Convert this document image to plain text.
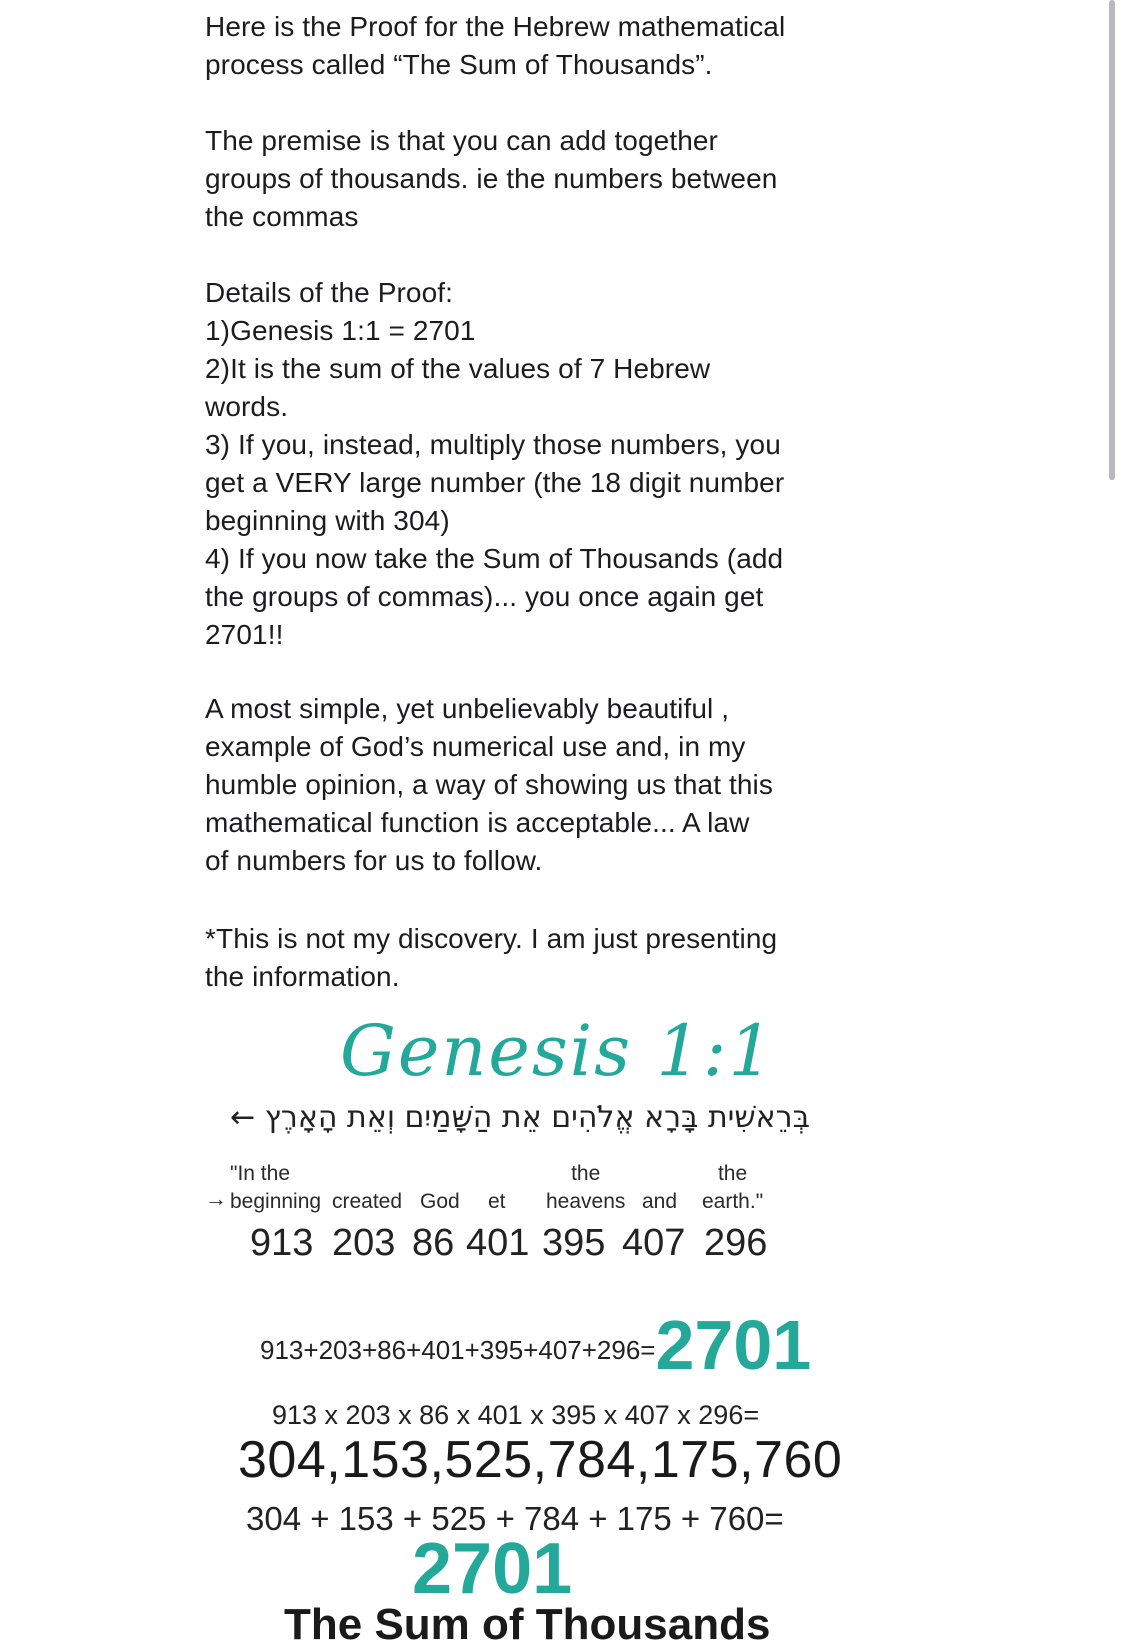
Here is the Proof for the Hebrew mathematical
process called “The Sum of Thousands”.

The premise is that you can add together
groups of thousands. ie the numbers between
the commas

Details of the Proof:
1)Genesis 1:1 = 2701
2)It is the sum of the values of 7 Hebrew
words.
3) If you, instead, multiply those numbers, you
get a VERY large number (the 18 digit number
beginning with 304)
4) If you now take the Sum of Thousands (add
the groups of commas)... you once again get
2701!!

A most simple, yet unbelievably beautiful ,
example of God’s numerical use and, in my
humble opinion, a way of showing us that this
mathematical function is acceptable... A law
of numbers for us to follow.

*This is not my discovery. I am just presenting
the information.

Genesis 1:1
← בְּרֵאשִׁית בָּרָא אֱלֹהִים אֵת הַשָּׁמַיִם וְאֵת הָאָרֶץ
→
"In the
beginning created God et
the
heavens and
the
earth."
913 203 86 401 395 407 296
913+203+86+401+395+407+296=2701
913 x 203 x 86 x 401 x 395 x 407 x 296=
304,153,525,784,175,760
304 + 153 + 525 + 784 + 175 + 760=
2701
The Sum of Thousands
